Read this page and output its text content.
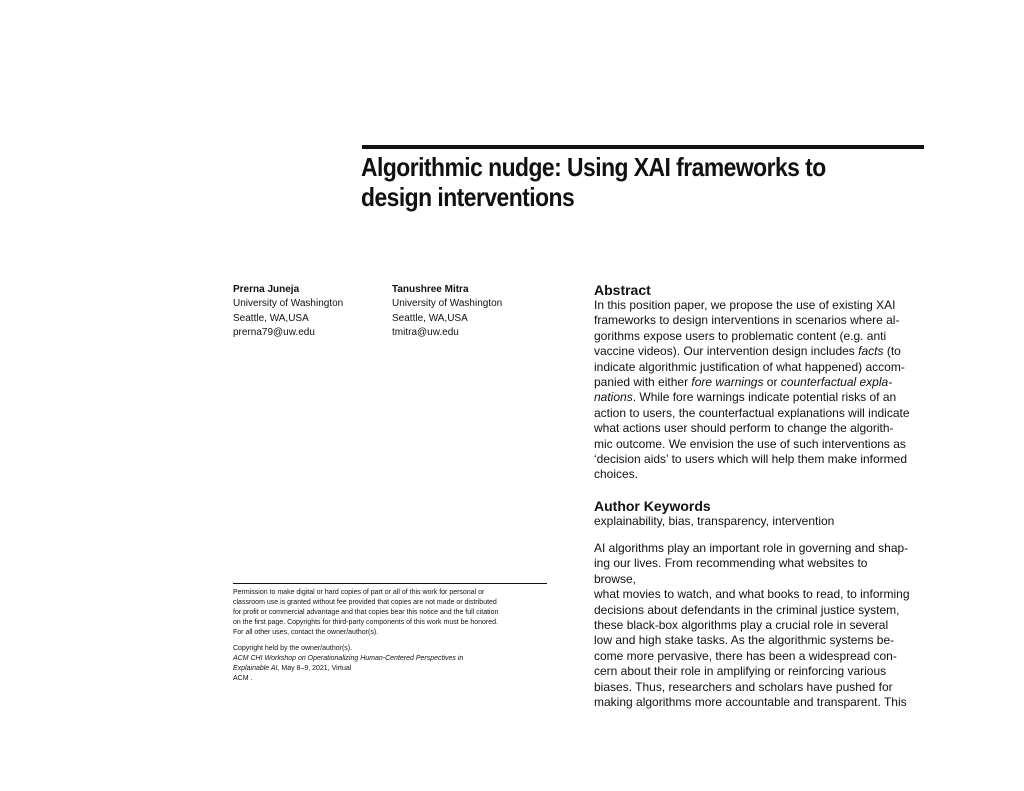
Algorithmic nudge: Using XAI frameworks to
design interventions
Prerna Juneja
University of Washington
Seattle, WA,USA
prerna79@uw.edu
Tanushree Mitra
University of Washington
Seattle, WA,USA
tmitra@uw.edu

Permission to make digital or hard copies of part or all of this work for personal or

classroom use is granted without fee provided that copies are not made or distributed

for profit or commercial advantage and that copies bear this notice and the full citation

on the first page. Copyrights for third-party components of this work must be honored.

For all other uses, contact the owner/author(s).

Copyright held by the owner/author(s).

ACM CHI Workshop on Operationalizing Human-Centered Perspectives in

Explainable AI, May 8–9, 2021, Virtual

ACM .

Abstract

In this position paper, we propose the use of existing XAI

frameworks to design interventions in scenarios where al-

gorithms expose users to problematic content (e.g. anti

vaccine videos). Our intervention design includes facts (to

indicate algorithmic justification of what happened) accom-

panied with either fore warnings or counterfactual expla-

nations. While fore warnings indicate potential risks of an

action to users, the counterfactual explanations will indicate

what actions user should perform to change the algorith-

mic outcome. We envision the use of such interventions as

‘decision aids’ to users which will help them make informed

choices.

Author Keywords

explainability, bias, transparency, intervention

AI algorithms play an important role in governing and shap-

ing our lives. From recommending what websites to browse,

what movies to watch, and what books to read, to informing

decisions about defendants in the criminal justice system,

these black-box algorithms play a crucial role in several

low and high stake tasks. As the algorithmic systems be-

come more pervasive, there has been a widespread con-

cern about their role in amplifying or reinforcing various

biases. Thus, researchers and scholars have pushed for

making algorithms more accountable and transparent. This
